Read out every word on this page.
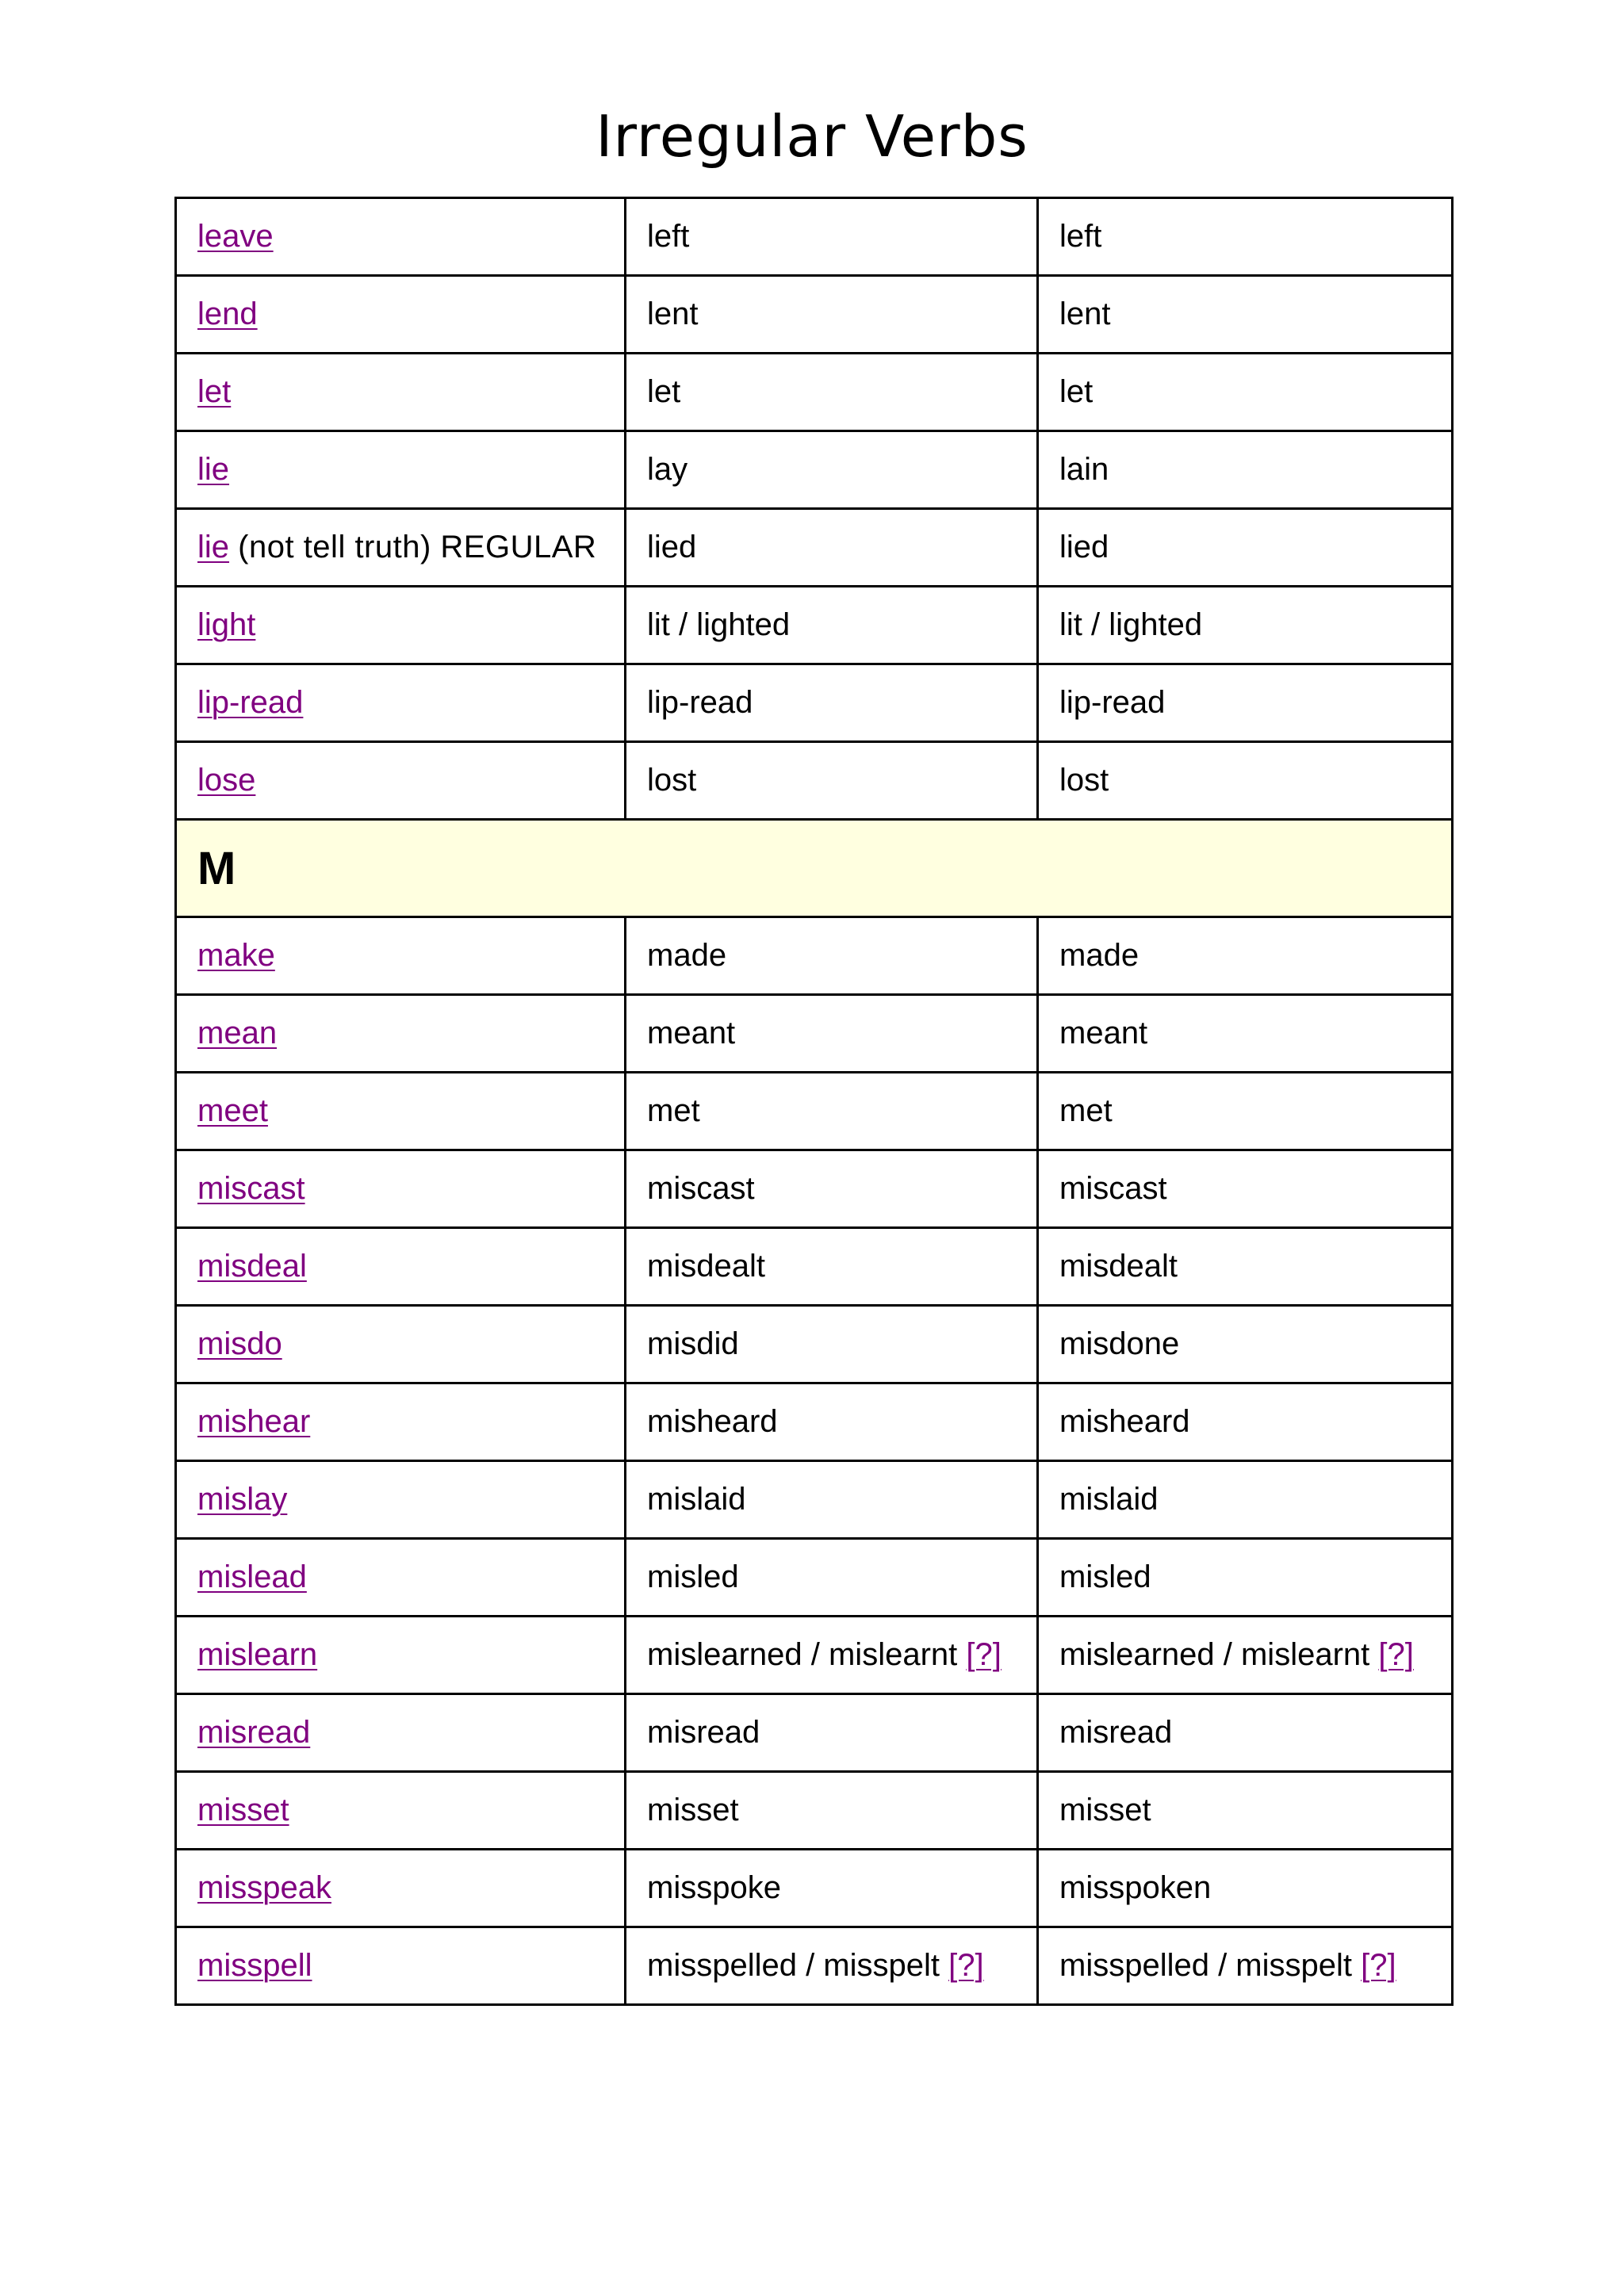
Irregular Verbs
leave	left	left
lend	lent	lent
let	let	let
lie	lay	lain
lie (not tell truth) REGULAR	lied	lied
light	lit / lighted	lit / lighted
lip-read	lip-read	lip-read
lose	lost	lost
M		
make	made	made
mean	meant	meant
meet	met	met
miscast	miscast	miscast
misdeal	misdealt	misdealt
misdo	misdid	misdone
mishear	misheard	misheard
mislay	mislaid	mislaid
mislead	misled	misled
mislearn	mislearned / mislearnt [?]	mislearned / mislearnt [?]
misread	misread	misread
misset	misset	misset
misspeak	misspoke	misspoken
misspell	misspelled / misspelt [?]	misspelled / misspelt [?]
